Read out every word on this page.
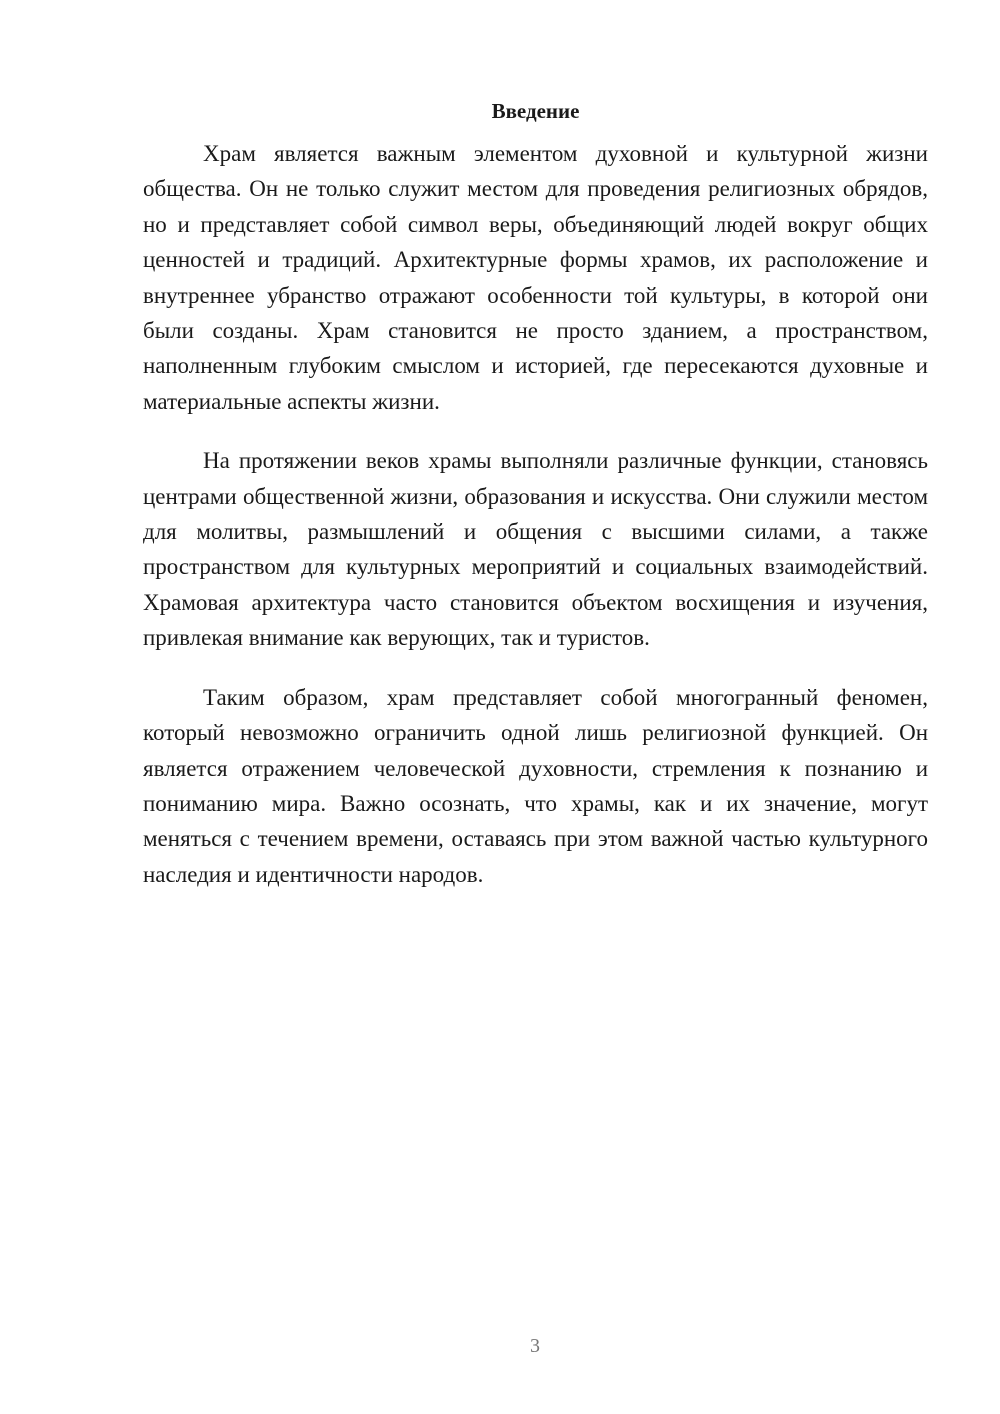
Введение

Храм является важным элементом духовной и культурной жизни общества. Он не только служит местом для проведения религиозных обрядов, но и представляет собой символ веры, объединяющий людей вокруг общих ценностей и традиций. Архитектурные формы храмов, их расположение и внутреннее убранство отражают особенности той культуры, в которой они были созданы. Храм становится не просто зданием, а пространством, наполненным глубоким смыслом и историей, где пересекаются духовные и материальные аспекты жизни.

На протяжении веков храмы выполняли различные функции, становясь центрами общественной жизни, образования и искусства. Они служили местом для молитвы, размышлений и общения с высшими силами, а также пространством для культурных мероприятий и социальных взаимодействий. Храмовая архитектура часто становится объектом восхищения и изучения, привлекая внимание как верующих, так и туристов.

Таким образом, храм представляет собой многогранный феномен, который невозможно ограничить одной лишь религиозной функцией. Он является отражением человеческой духовности, стремления к познанию и пониманию мира. Важно осознать, что храмы, как и их значение, могут меняться с течением времени, оставаясь при этом важной частью культурного наследия и идентичности народов.

3
